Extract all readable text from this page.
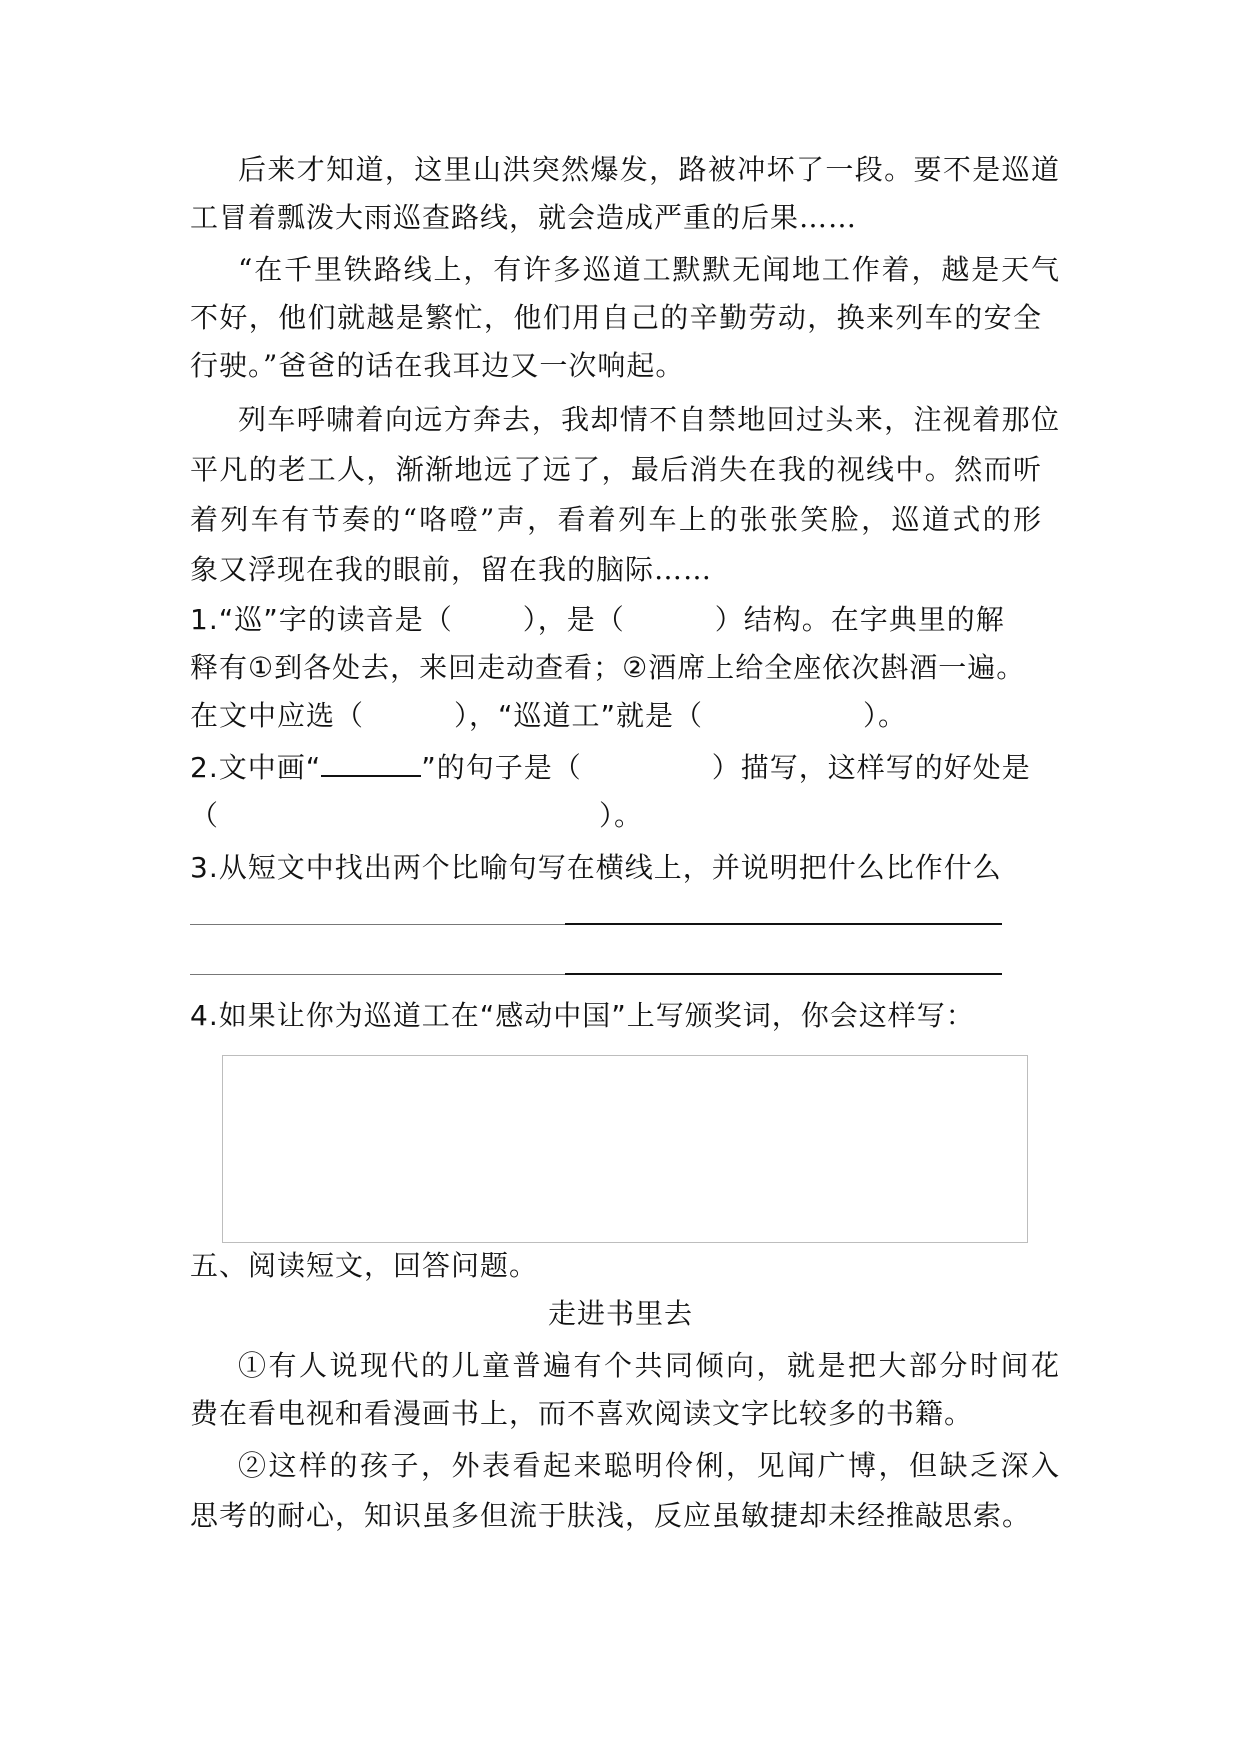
后来才知道，这里山洪突然爆发，路被冲坏了一段。要不是巡道
工冒着瓢泼大雨巡查路线，就会造成严重的后果……
“在千里铁路线上，有许多巡道工默默无闻地工作着，越是天气
不好，他们就越是繁忙，他们用自己的辛勤劳动，换来列车的安全
行驶。”爸爸的话在我耳边又一次响起。
列车呼啸着向远方奔去，我却情不自禁地回过头来，注视着那位
平凡的老工人，渐渐地远了远了，最后消失在我的视线中。然而听
着列车有节奏的“咯噔”声，看着列车上的张张笑脸，巡道式的形
象又浮现在我的眼前，留在我的脑际……
1.“巡”字的读音是（	），是（	）结构。在字典里的解
释有①到各处去，来回走动查看；②酒席上给全座依次斟酒一遍。
在文中应选（	），“巡道工”就是（	）。
2.文中画“	”的句子是（	）描写，这样写的好处是
（	）。
3.从短文中找出两个比喻句写在横线上，并说明把什么比作什么
4.如果让你为巡道工在“感动中国”上写颁奖词，你会这样写：
五、阅读短文，回答问题。
走进书里去
①有人说现代的儿童普遍有个共同倾向，就是把大部分时间花
费在看电视和看漫画书上，而不喜欢阅读文字比较多的书籍。
②这样的孩子，外表看起来聪明伶俐，见闻广博，但缺乏深入
思考的耐心，知识虽多但流于肤浅，反应虽敏捷却未经推敲思索。
